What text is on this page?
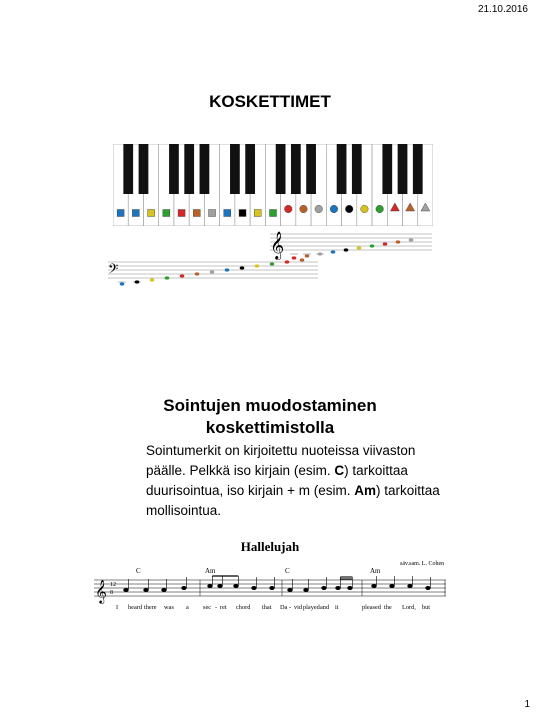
21.10.2016
KOSKETTIMET
𝄞
𝄢
Sointujen muodostaminen
koskettimistolla
Sointumerkit on kirjoitettu nuoteissa viivaston päälle. Pelkkä iso kirjain (esim. C) tarkoittaa duurisointua, iso kirjain + m (esim. Am) tarkoittaa mollisointua.
Hallelujah
säv.sam. L. Cohen
C	Am	C	Am
𝄞 12
8
I heard there was a sec - ret chord that Da - vid played and it	pleased the Lord, but
1
